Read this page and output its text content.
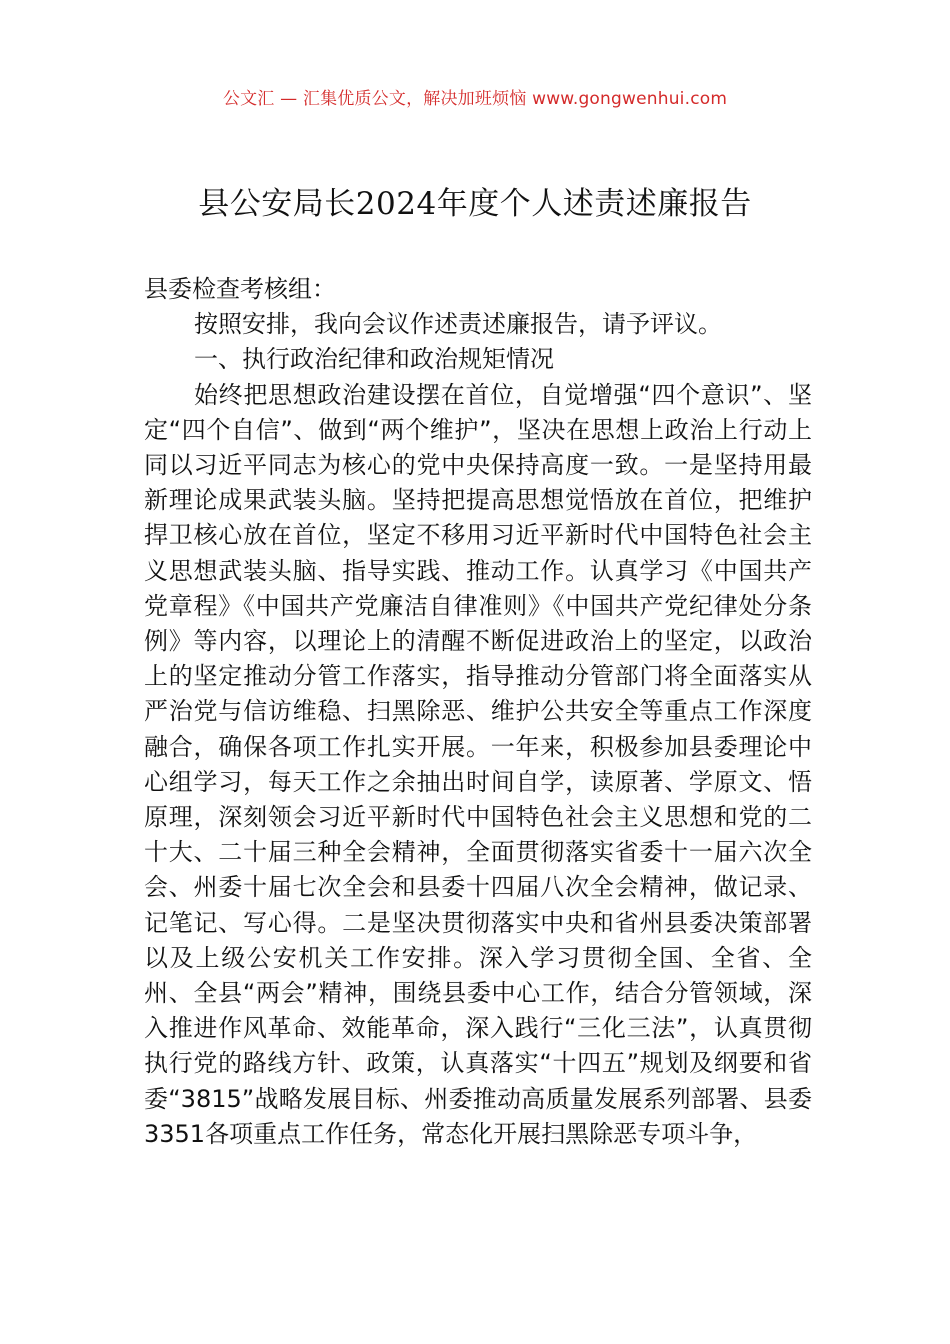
公文汇 — 汇集优质公文，解决加班烦恼 www.gongwenhui.com
县公安局长2024年度个人述责述廉报告

县委检查考核组：

按照安排，我向会议作述责述廉报告，请予评议。

一、执行政治纪律和政治规矩情况

始终把思想政治建设摆在首位，自觉增强“四个意识”、坚定“四个自信”、做到“两个维护”，坚决在思想上政治上行动上同以习近平同志为核心的党中央保持高度一致。一是坚持用最新理论成果武装头脑。坚持把提高思想觉悟放在首位，把维护捍卫核心放在首位，坚定不移用习近平新时代中国特色社会主义思想武装头脑、指导实践、推动工作。认真学习《中国共产党章程》《中国共产党廉洁自律准则》《中国共产党纪律处分条例》等内容，以理论上的清醒不断促进政治上的坚定，以政治上的坚定推动分管工作落实，指导推动分管部门将全面落实从严治党与信访维稳、扫黑除恶、维护公共安全等重点工作深度融合，确保各项工作扎实开展。一年来，积极参加县委理论中心组学习，每天工作之余抽出时间自学，读原著、学原文、悟原理，深刻领会习近平新时代中国特色社会主义思想和党的二十大、二十届三种全会精神，全面贯彻落实省委十一届六次全会、州委十届七次全会和县委十四届八次全会精神，做记录、记笔记、写心得。二是坚决贯彻落实中央和省州县委决策部署以及上级公安机关工作安排。深入学习贯彻全国、全省、全州、全县“两会”精神，围绕县委中心工作，结合分管领域，深入推进作风革命、效能革命，深入践行“三化三法”，认真贯彻执行党的路线方针、政策，认真落实“十四五”规划及纲要和省委“3815”战略发展目标、州委推动高质量发展系列部署、县委3351各项重点工作任务，常态化开展扫黑除恶专项斗争，
